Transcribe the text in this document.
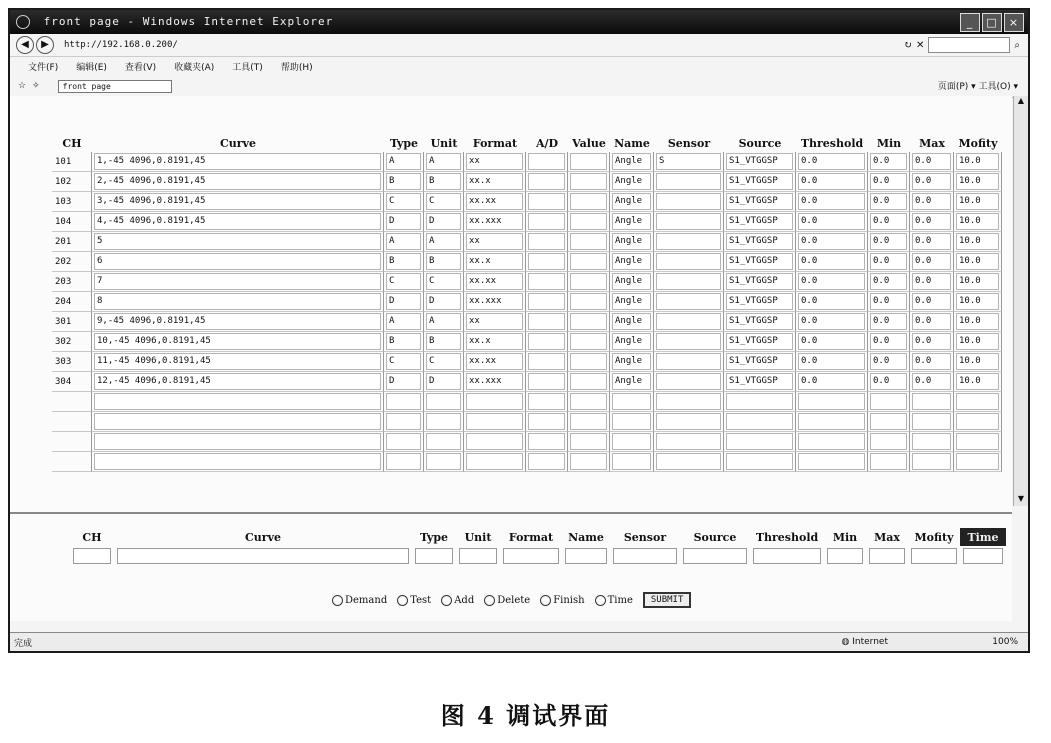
front page - Windows Internet Explorer	_	□	×
◀	▶	http://192.168.0.200/	↻ ✕	⌕
文件(F) 编辑(E) 查看(V) 收藏夹(A) 工具(T) 帮助(H)
☆ ✧	front page	页面(P) ▾ 工具(O) ▾
CH	Curve	Type	Unit	Format	A/D	Value	Name	Sensor	Source	Threshold	Min	Max	Mofity
101	1,-45 4096,0.8191,45	A	A	xx			Angle	S	S1_VTGGSP	0.0	0.0	0.0	10.0

102	2,-45 4096,0.8191,45	B	B	xx.x			Angle		S1_VTGGSP	0.0	0.0	0.0	10.0

103	3,-45 4096,0.8191,45	C	C	xx.xx			Angle		S1_VTGGSP	0.0	0.0	0.0	10.0

104	4,-45 4096,0.8191,45	D	D	xx.xxx			Angle		S1_VTGGSP	0.0	0.0	0.0	10.0

201	5	A	A	xx			Angle		S1_VTGGSP	0.0	0.0	0.0	10.0

202	6	B	B	xx.x			Angle		S1_VTGGSP	0.0	0.0	0.0	10.0

203	7	C	C	xx.xx			Angle		S1_VTGGSP	0.0	0.0	0.0	10.0

204	8	D	D	xx.xxx			Angle		S1_VTGGSP	0.0	0.0	0.0	10.0

301	9,-45 4096,0.8191,45	A	A	xx			Angle		S1_VTGGSP	0.0	0.0	0.0	10.0

302	10,-45 4096,0.8191,45	B	B	xx.x			Angle		S1_VTGGSP	0.0	0.0	0.0	10.0

303	11,-45 4096,0.8191,45	C	C	xx.xx			Angle		S1_VTGGSP	0.0	0.0	0.0	10.0

304	12,-45 4096,0.8191,45	D	D	xx.xxx			Angle		S1_VTGGSP	0.0	0.0	0.0	10.0

CH	Curve	Type	Unit	Format	Name	Sensor	Source	Threshold	Min	Max	Mofity	Time

Demand	Test	Add	Delete	Finish	Time	SUBMIT
▲
▼
完成	◍ Internet	100%
图 4 调试界面
